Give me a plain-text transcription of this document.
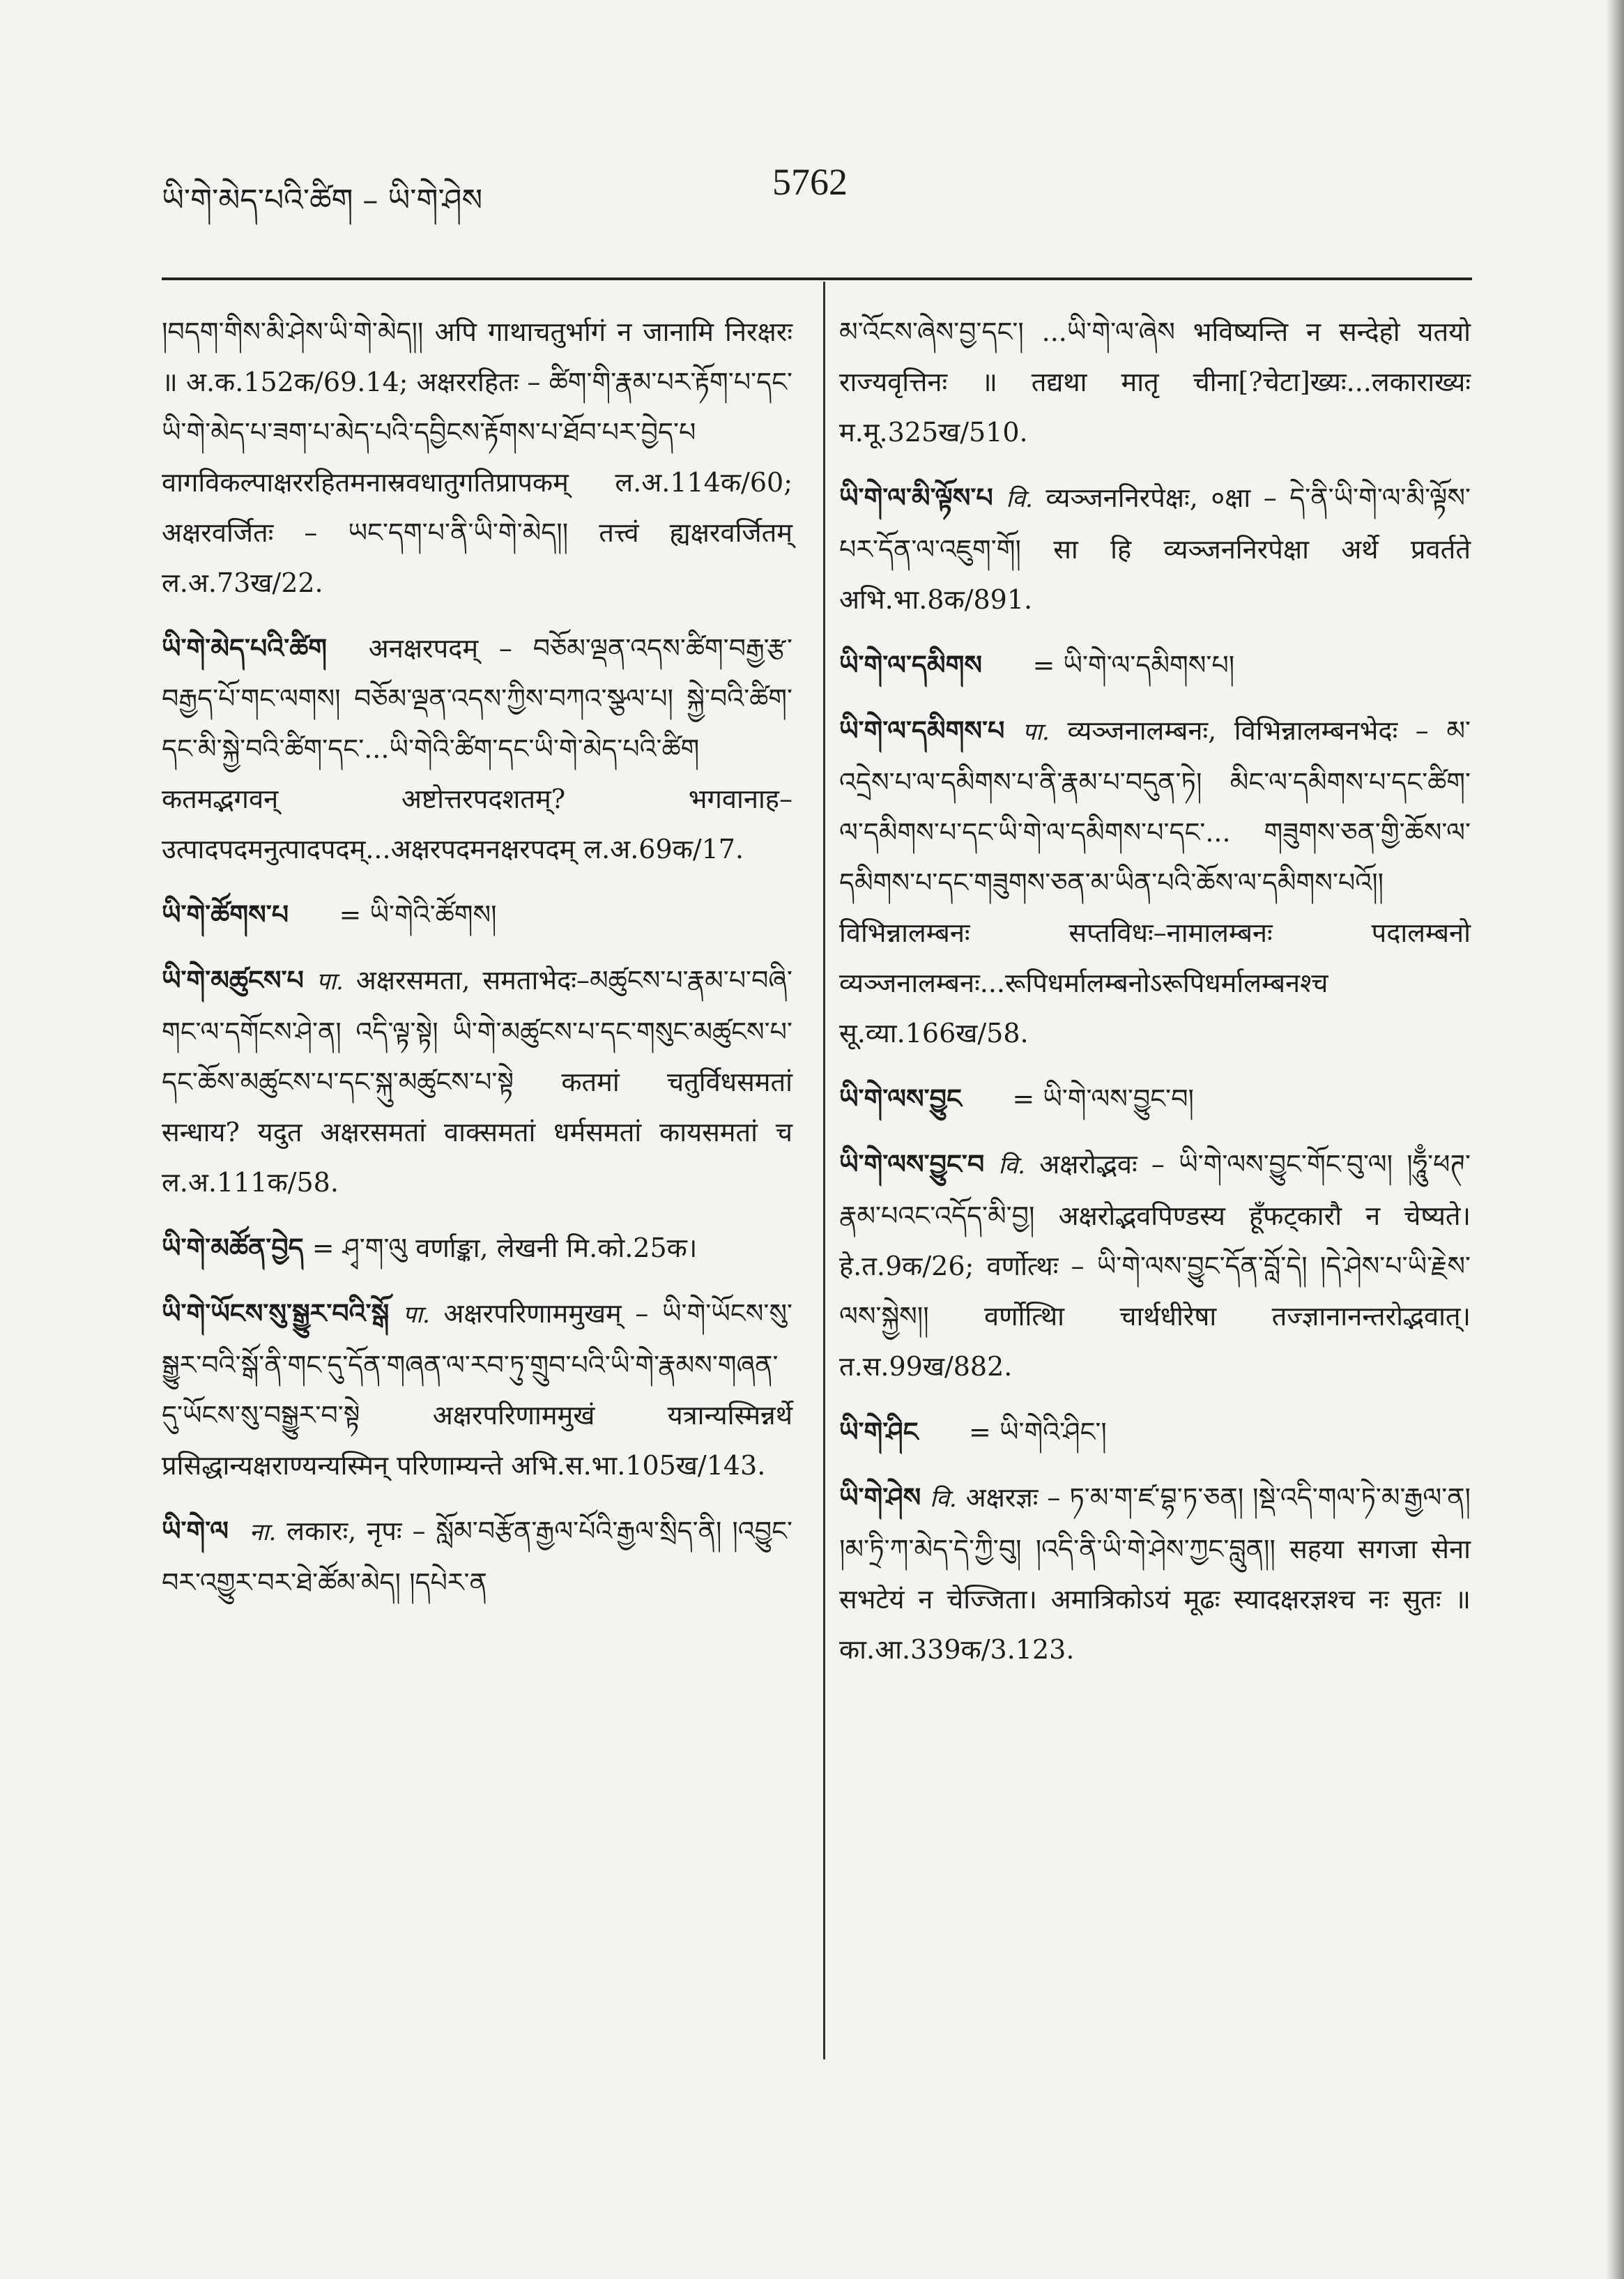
ཡི་གེ་མེད་པའི་ཚིག – ཡི་གེ་ཤེས	5762

།བདག་གིས་མི་ཤེས་ཡི་གེ་མེད།། अपि गाथाचतुर्भागं न जानामि निरक्षरः ॥ अ.क.152क/69.14; अक्षररहितः – ཚིག་གི་རྣམ་པར་རྟོག་པ་དང་ཡི་གེ་མེད་པ་ཟག་པ་མེད་པའི་དབྱིངས་རྟོགས་པ་ཐོབ་པར་བྱེད་པ वागविकल्पाक्षररहितमनास्रवधातुगतिप्रापकम् ल.अ.114क/60; अक्षरवर्जितः – ཡང་དག་པ་ནི་ཡི་གེ་མེད།། तत्त्वं ह्यक्षरवर्जितम् ल.अ.73ख/22.

ཡི་གེ་མེད་པའི་ཚིག अनक्षरपदम् – བཅོམ་ལྡན་འདས་ཚིག་བརྒྱ་རྩ་བརྒྱད་པོ་གང་ལགས། བཅོམ་ལྡན་འདས་ཀྱིས་བཀའ་སྩལ་པ། སྐྱེ་བའི་ཚིག་དང་མི་སྐྱེ་བའི་ཚིག་དང་...ཡི་གེའི་ཚིག་དང་ཡི་གེ་མེད་པའི་ཚིག कतमद्भगवन् अष्टोत्तरपदशतम्? भगवानाह– उत्पादपदमनुत्पादपदम्...अक्षरपदमनक्षरपदम् ल.अ.69क/17.

ཡི་གེ་ཚོགས་པ = ཡི་གེའི་ཚོགས།

ཡི་གེ་མཚུངས་པ पा. अक्षरसमता, समताभेदः–མཚུངས་པ་རྣམ་པ་བཞི་གང་ལ་དགོངས་ཤེ་ན། འདི་ལྟ་སྟེ། ཡི་གེ་མཚུངས་པ་དང་གསུང་མཚུངས་པ་དང་ཆོས་མཚུངས་པ་དང་སྐུ་མཚུངས་པ་སྟེ कतमां चतुर्विधसमतां सन्धाय? यदुत अक्षरसमतां वाक्समतां धर्मसमतां कायसमतां च ल.अ.111क/58.

ཡི་གེ་མཚོན་བྱེད = ཤྭ་ག་ལུ वर्णाङ्का, लेखनी मि.को.25क।

ཡི་གེ་ཡོངས་སུ་སྒྱུར་བའི་སྒོ पा. अक्षरपरिणाममुखम् – ཡི་གེ་ཡོངས་སུ་སྒྱུར་བའི་སྒོ་ནི་གང་དུ་དོན་གཞན་ལ་རབ་ཏུ་གྲུབ་པའི་ཡི་གེ་རྣམས་གཞན་དུ་ཡོངས་སུ་བསྒྱུར་བ་སྟེ अक्षरपरिणाममुखं यत्रान्यस्मिन्नर्थे प्रसिद्धान्यक्षराण्यन्यस्मिन् परिणाम्यन्ते अभि.स.भा.105ख/143.

ཡི་གེ་ལ ना. लकारः, नृपः – སློམ་བརྩོན་རྒྱལ་པོའི་རྒྱལ་སྲིད་ནི། །འབྱུང་བར་འགྱུར་བར་ཐེ་ཚོམ་མེད། །དཔེར་ན

མ་འོངས་ཞེས་བྱ་དང་། ...ཡི་གེ་ལ་ཞེས भविष्यन्ति न सन्देहो यतयो राज्यवृत्तिनः ॥ तद्यथा मातृ चीना[?चेटा]ख्यः...लकाराख्यः म.मू.325ख/510.

ཡི་གེ་ལ་མི་ལྟོས་པ वि. व्यञ्जननिरपेक्षः, ०क्षा – དེ་ནི་ཡི་གེ་ལ་མི་ལྟོས་པར་དོན་ལ་འཇུག་གོ། सा हि व्यञ्जननिरपेक्षा अर्थे प्रवर्तते अभि.भा.8क/891.

ཡི་གེ་ལ་དམིགས = ཡི་གེ་ལ་དམིགས་པ།

ཡི་གེ་ལ་དམིགས་པ पा. व्यञ्जनालम्बनः, विभिन्नालम्बनभेदः – མ་འདྲེས་པ་ལ་དམིགས་པ་ནི་རྣམ་པ་བདུན་ཏེ། མིང་ལ་དམིགས་པ་དང་ཚིག་ལ་དམིགས་པ་དང་ཡི་གེ་ལ་དམིགས་པ་དང་... གཟུགས་ཅན་གྱི་ཆོས་ལ་དམིགས་པ་དང་གཟུགས་ཅན་མ་ཡིན་པའི་ཆོས་ལ་དམིགས་པའོ།། विभिन्नालम्बनः सप्तविधः–नामालम्बनः पदालम्बनो व्यञ्जनालम्बनः...रूपिधर्मालम्बनोऽरूपिधर्मालम्बनश्च सू.व्या.166ख/58.

ཡི་གེ་ལས་བྱུང = ཡི་གེ་ལས་བྱུང་བ།

ཡི་གེ་ལས་བྱུང་བ वि. अक्षरोद्भवः – ཡི་གེ་ལས་བྱུང་གོང་བུ་ལ། །ཧཱུྃ་ཕཊ་རྣམ་པའང་འདོད་མི་བྱ། अक्षरोद्भवपिण्डस्य हूँफट्कारौ न चेष्यते। हे.त.9क/26; वर्णोत्थः – ཡི་གེ་ལས་བྱུང་དོན་བློ་དེ། །དེ་ཤེས་པ་ཡི་རྗེས་ལས་སྐྱེས།། वर्णोत्थिा चार्थधीरेषा तज्ज्ञानानन्तरोद्भवात्। त.स.99ख/882.

ཡི་གེ་ཤིང = ཡི་གེའི་ཤིང་།

ཡི་གེ་ཤེས वि. अक्षरज्ञः – ཏ་མ་ག་ཛ་བྷ་ཏ་ཅན། །སྡེ་འདི་གལ་ཏེ་མ་རྒྱལ་ན། །མ་ཏྲི་ཀ་མེད་དེ་ཀྱི་བུ། །འདི་ནི་ཡི་གེ་ཤེས་ཀྱང་བླུན།། सहया सगजा सेना सभटेयं न चेज्जिता। अमात्रिकोऽयं मूढः स्यादक्षरज्ञश्च नः सुतः ॥ का.आ.339क/3.123.
